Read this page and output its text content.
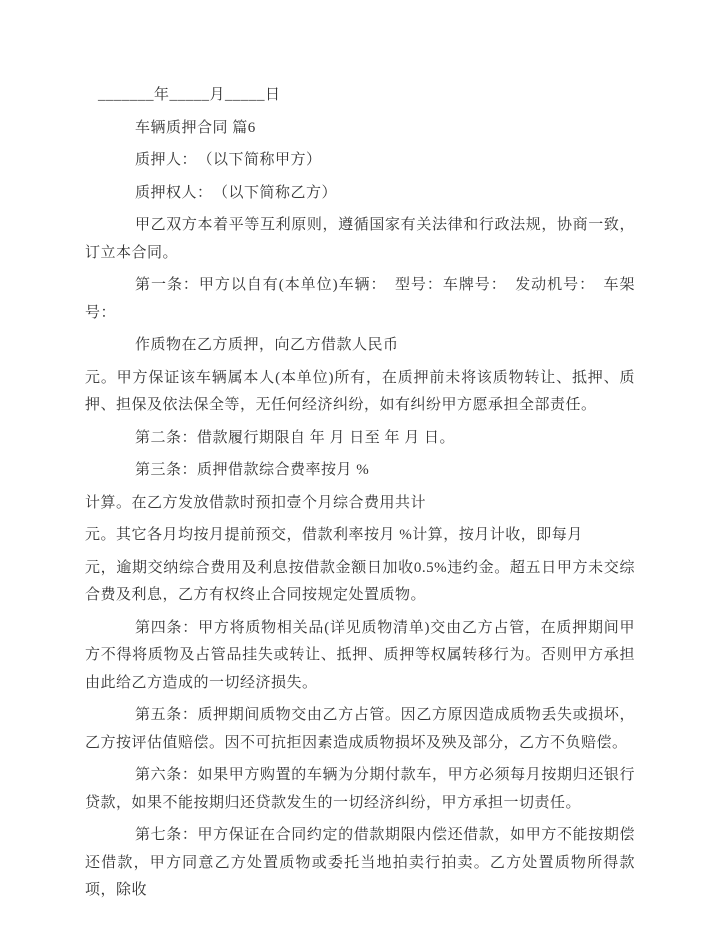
_______年_____月_____日

车辆质押合同 篇6

质押人：　（以下简称甲方）

质押权人：　（以下简称乙方）

甲乙双方本着平等互利原则，遵循国家有关法律和行政法规，协商一致，订立本合同。

第一条：甲方以自有(本单位)车辆：　型号：车牌号：　发动机号：　车架号：

作质物在乙方质押，向乙方借款人民币

元。甲方保证该车辆属本人(本单位)所有，在质押前未将该质物转让、抵押、质押、担保及依法保全等，无任何经济纠纷，如有纠纷甲方愿承担全部责任。

第二条：借款履行期限自 年 月 日至 年 月 日。

第三条：质押借款综合费率按月 %

计算。在乙方发放借款时预扣壹个月综合费用共计

元。其它各月均按月提前预交，借款利率按月 %计算，按月计收，即每月

元，逾期交纳综合费用及利息按借款金额日加收0.5%违约金。超五日甲方未交综合费及利息，乙方有权终止合同按规定处置质物。

第四条：甲方将质物相关品(详见质物清单)交由乙方占管，在质押期间甲方不得将质物及占管品挂失或转让、抵押、质押等权属转移行为。否则甲方承担由此给乙方造成的一切经济损失。

第五条：质押期间质物交由乙方占管。因乙方原因造成质物丢失或损坏，乙方按评估值赔偿。因不可抗拒因素造成质物损坏及殃及部分，乙方不负赔偿。

第六条：如果甲方购置的车辆为分期付款车，甲方必须每月按期归还银行贷款，如果不能按期归还贷款发生的一切经济纠纷，甲方承担一切责任。

第七条：甲方保证在合同约定的借款期限内偿还借款，如甲方不能按期偿还借款，甲方同意乙方处置质物或委托当地拍卖行拍卖。乙方处置质物所得款项，除收
